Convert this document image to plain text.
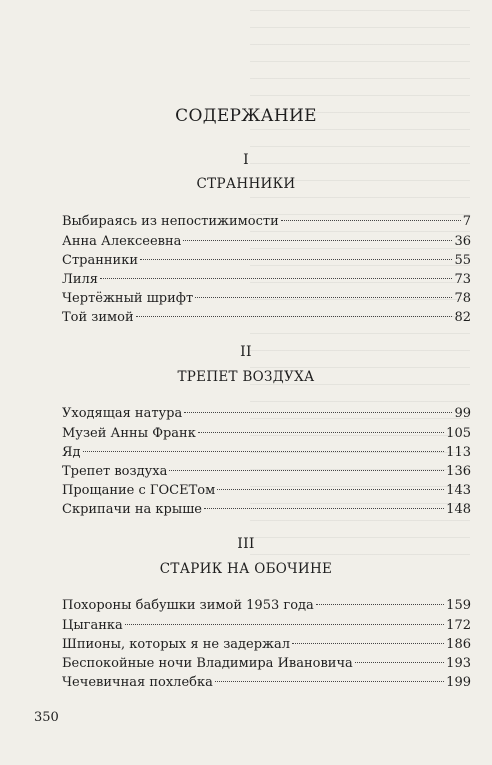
СОДЕРЖАНИЕ
I
СТРАННИКИ
Выбираясь из непостижимости	7
Анна Алексеевна	36
Странники	55
Лиля	73
Чертёжный шрифт	78
Той зимой	82
II
ТРЕПЕТ ВОЗДУХА
Уходящая натура	99
Музей Анны Франк	105
Яд	113
Трепет воздуха	136
Прощание с ГОСЕТом	143
Скрипачи на крыше	148
III
СТАРИК НА ОБОЧИНЕ
Похороны бабушки зимой 1953 года	159
Цыганка	172
Шпионы, которых я не задержал	186
Беспокойные ночи Владимира Ивановича	193
Чечевичная похлебка	199
350
